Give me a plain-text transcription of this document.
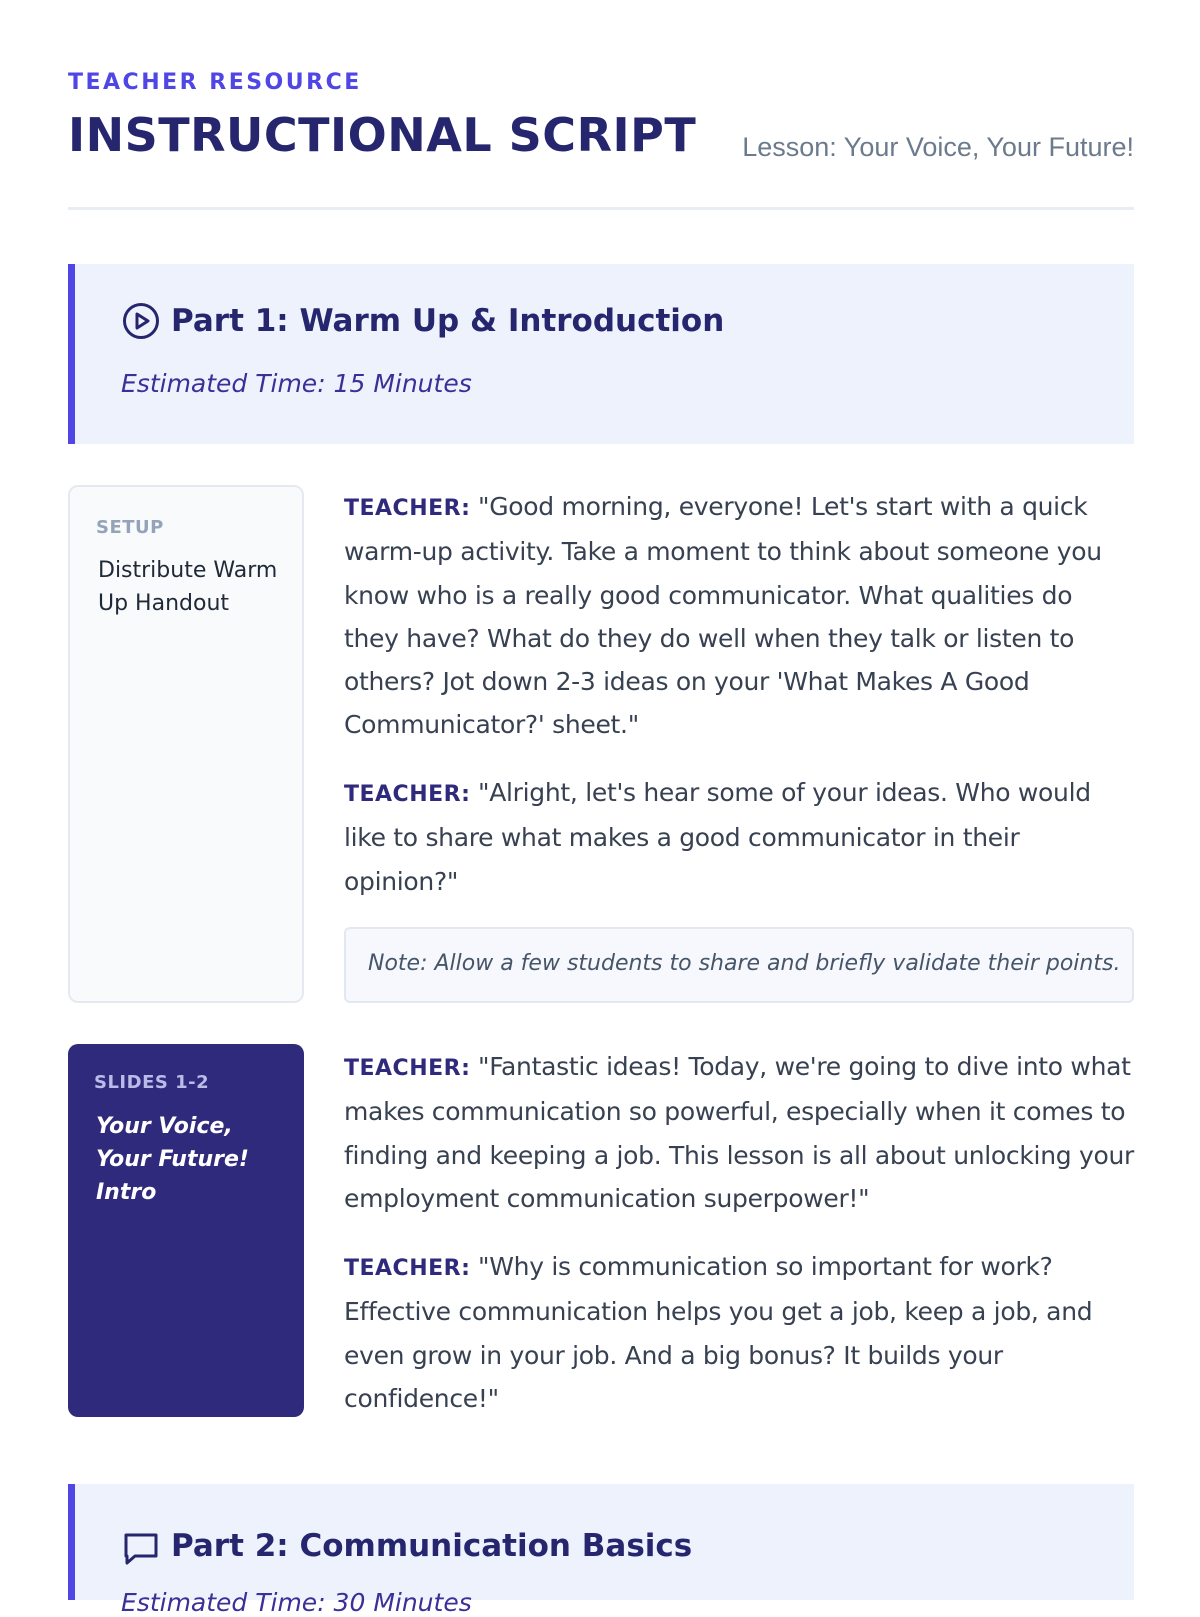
TEACHER RESOURCE
INSTRUCTIONAL SCRIPT Lesson: Your Voice, Your Future!
Part 1: Warm Up & Introduction
Estimated Time: 15 Minutes
SETUP
Distribute Warm Up Handout

TEACHER: "Good morning, everyone! Let's start with a quick warm-up activity. Take a moment to think about someone you know who is a really good communicator. What qualities do they have? What do they do well when they talk or listen to others? Jot down 2-3 ideas on your 'What Makes A Good Communicator?' sheet."

TEACHER: "Alright, let's hear some of your ideas. Who would like to share what makes a good communicator in their opinion?"

Note: Allow a few students to share and briefly validate their points.
SLIDES 1-2
Your Voice, Your Future! Intro

TEACHER: "Fantastic ideas! Today, we're going to dive into what makes communication so powerful, especially when it comes to finding and keeping a job. This lesson is all about unlocking your employment communication superpower!"

TEACHER: "Why is communication so important for work? Effective communication helps you get a job, keep a job, and even grow in your job. And a big bonus? It builds your confidence!"

Part 2: Communication Basics
Estimated Time: 30 Minutes
